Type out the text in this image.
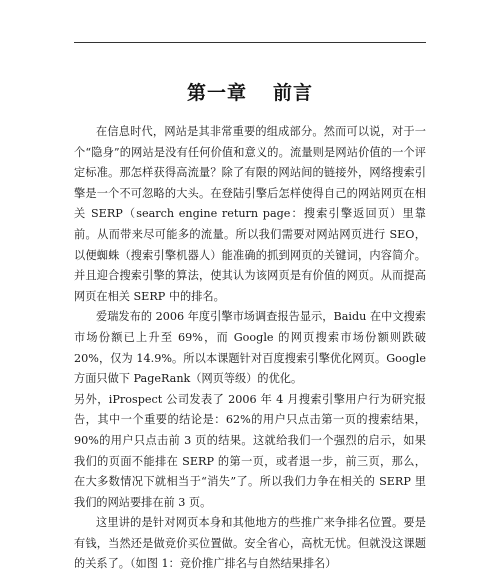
第一章 前言

在信息时代，网站是其非常重要的组成部分。然而可以说，对于一个“隐身”的网站是没有任何价值和意义的。流量则是网站价值的一个评定标准。那怎样获得高流量？除了有限的网站间的链接外，网络搜索引擎是一个不可忽略的大头。在登陆引擎后怎样使得自己的网站网页在相关 SERP（search engine return page：搜索引擎返回页）里靠前。从而带来尽可能多的流量。所以我们需要对网站网页进行 SEO，以便蜘蛛（搜索引擎机器人）能准确的抓到网页的关键词，内容简介。并且迎合搜索引擎的算法，使其认为该网页是有价值的网页。从而提高网页在相关 SERP 中的排名。

爱瑞发布的 2006 年度引擎市场调查报告显示，Baidu 在中文搜索市场份额已上升至 69%，而 Google 的网页搜索市场份额则跌破 20%，仅为 14.9%。所以本课题针对百度搜索引擎优化网页。Google 方面只做下 PageRank（网页等级）的优化。

另外，iProspect 公司发表了 2006 年 4 月搜索引擎用户行为研究报告，其中一个重要的结论是：62%的用户只点击第一页的搜索结果，90%的用户只点击前 3 页的结果。这就给我们一个强烈的启示，如果我们的页面不能排在 SERP 的第一页，或者退一步，前三页，那么，在大多数情况下就相当于“消失”了。所以我们力争在相关的 SERP 里我们的网站要排在前 3 页。

这里讲的是针对网页本身和其他地方的些推广来争排名位置。要是有钱，当然还是做竞价买位置做。安全省心，高枕无忧。但就没这课题的关系了。（如图 1：竞价推广排名与自然结果排名）
